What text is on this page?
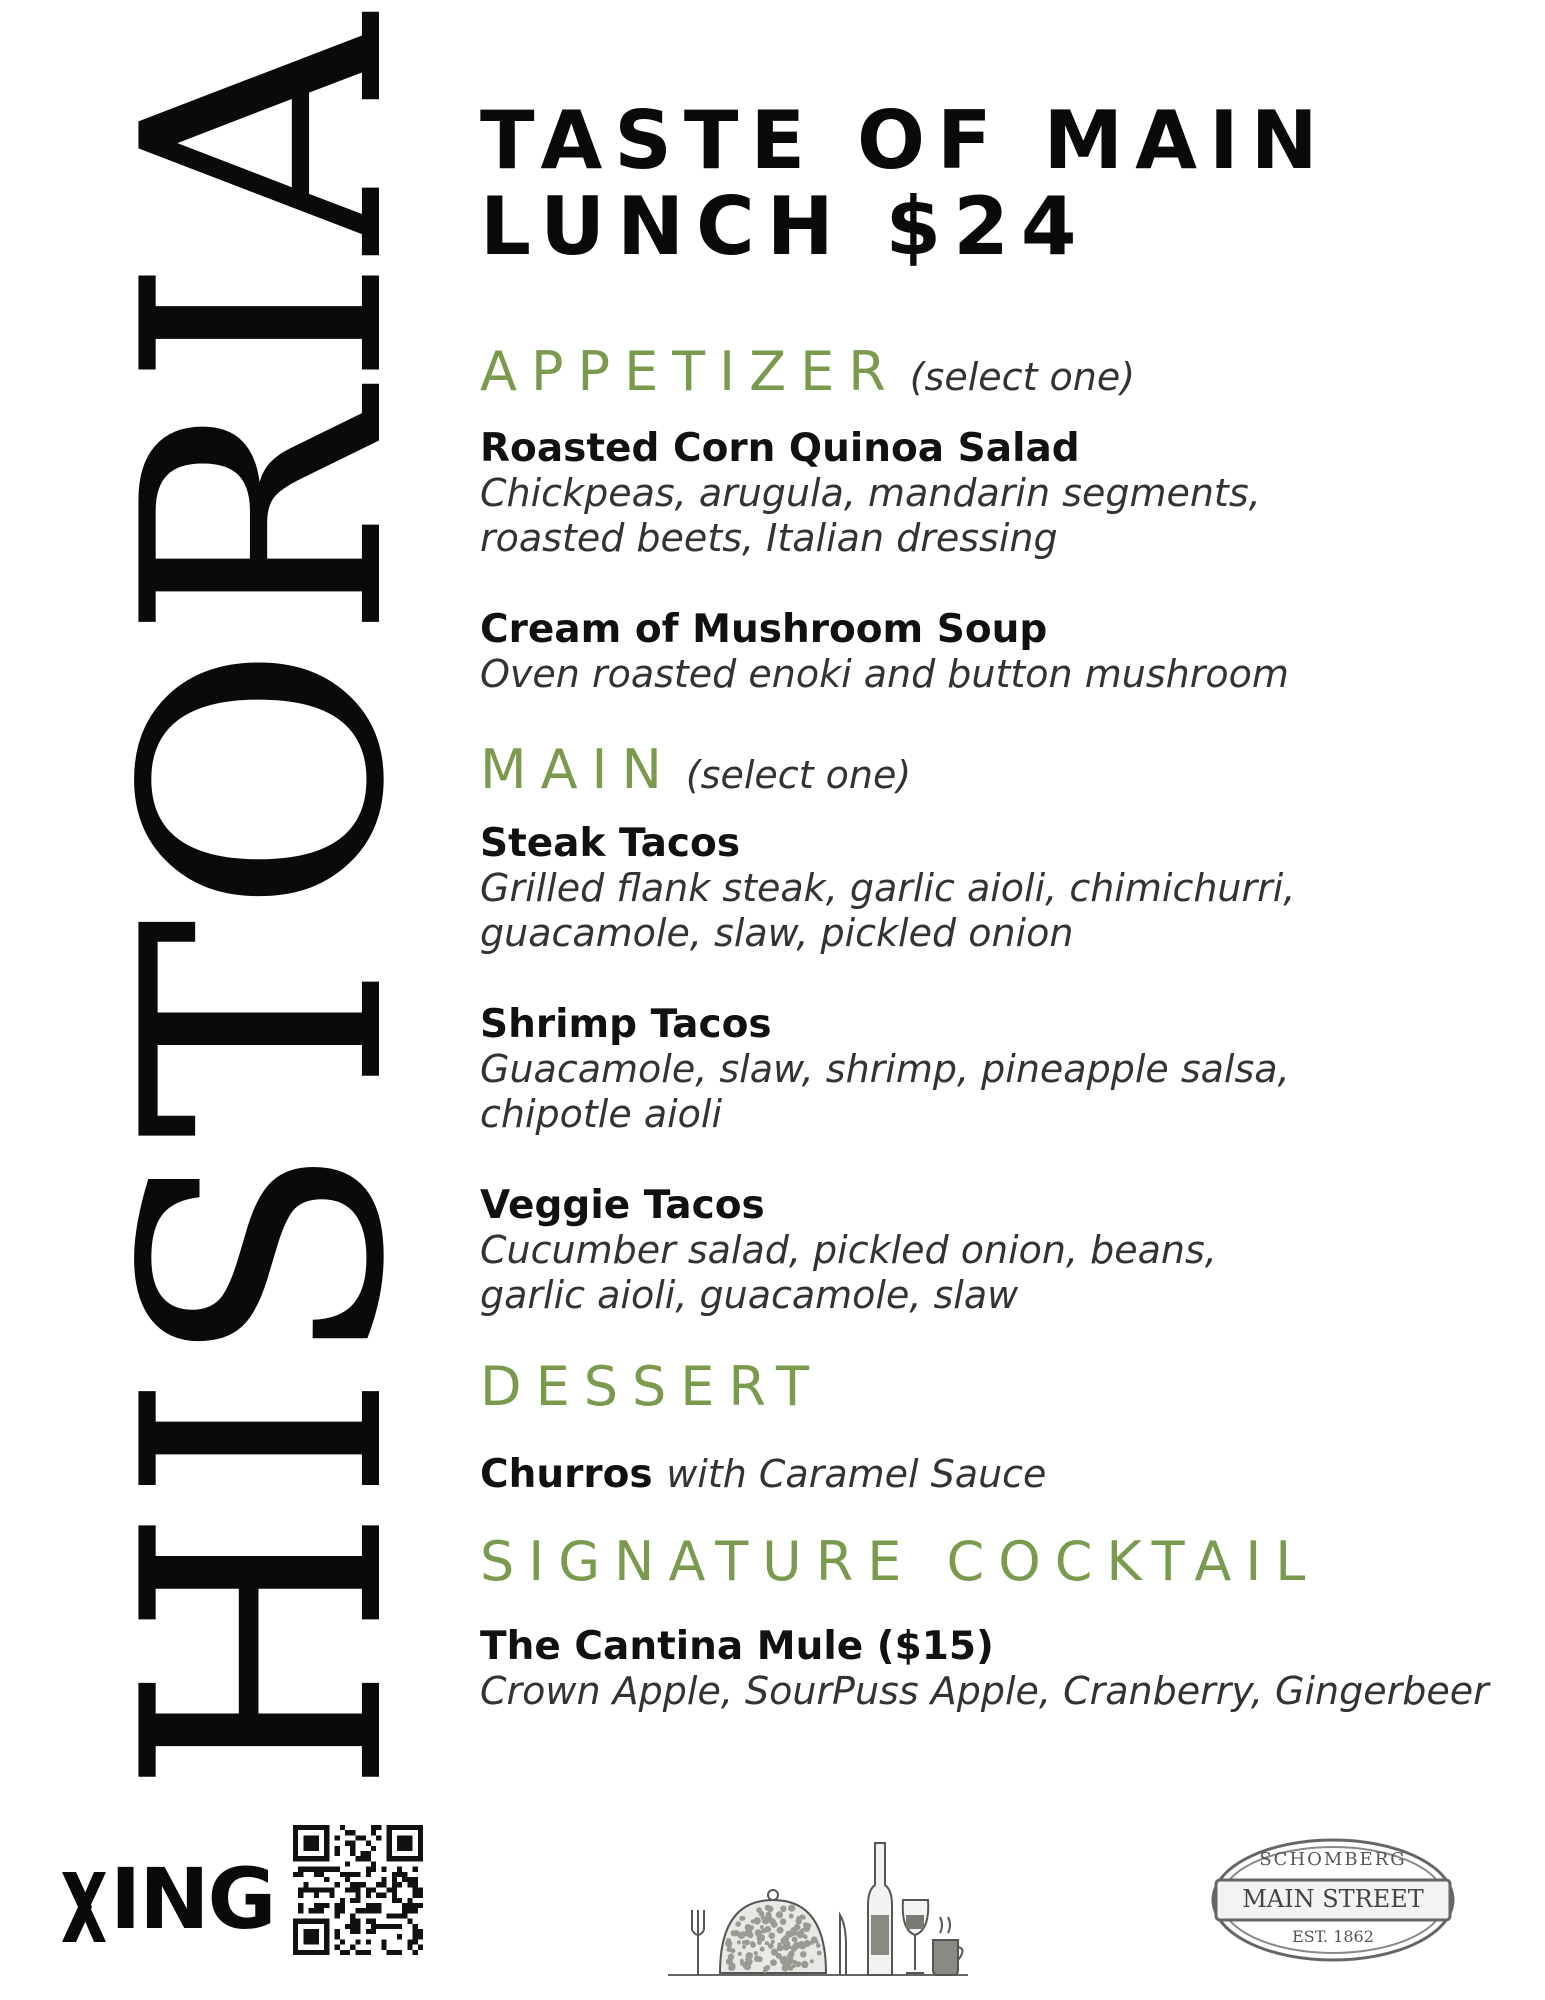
HISTORIA TASTE OF MAIN
LUNCH $24
APPETIZER (select one)
Roasted Corn Quinoa Salad
Chickpeas, arugula, mandarin segments,
roasted beets, Italian dressing
Cream of Mushroom Soup
Oven roasted enoki and button mushroom
MAIN (select one)
Steak Tacos
Grilled flank steak, garlic aioli, chimichurri,
guacamole, slaw, pickled onion
Shrimp Tacos
Guacamole, slaw, shrimp, pineapple salsa,
chipotle aioli
Veggie Tacos
Cucumber salad, pickled onion, beans,
garlic aioli, guacamole, slaw
DESSERT
Churros with Caramel Sauce
SIGNATURE COCKTAIL
The Cantina Mule ($15)
Crown Apple, SourPuss Apple, Cranberry, Gingerbeer
ING	SCHOMBERG
MAIN STREET
EST. 1862
